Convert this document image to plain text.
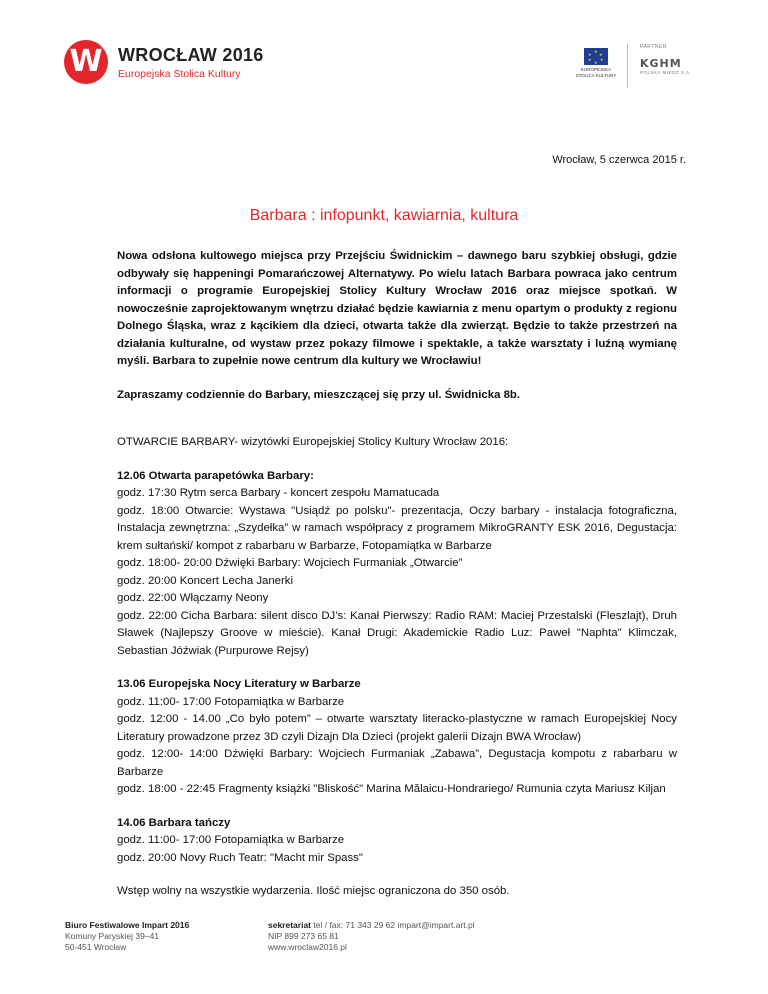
W WROCŁAW 2016
Europejska Stolica Kultury
★
★
★
★
★
★
EUROPEJSKA
STOLICA KULTURY
PARTNER
KGHM
POLSKA MIEDŹ S.A.
Wrocław, 5 czerwca 2015 r.
Barbara : infopunkt, kawiarnia, kultura

Nowa odsłona kultowego miejsca przy Przejściu Świdnickim – dawnego baru szybkiej obsługi, gdzie odbywały się happeningi Pomarańczowej Alternatywy. Po wielu latach Barbara powraca jako centrum informacji o programie Europejskiej Stolicy Kultury Wrocław 2016 oraz miejsce spotkań. W nowocześnie zaprojektowanym wnętrzu działać będzie kawiarnia z menu opartym o produkty z regionu Dolnego Śląska, wraz z kącikiem dla dzieci, otwarta także dla zwierząt. Będzie to także przestrzeń na działania kulturalne, od wystaw przez pokazy filmowe i spektakle, a także warsztaty i luźną wymianę myśli. Barbara to zupełnie nowe centrum dla kultury we Wrocławiu!

Zapraszamy codziennie do Barbary, mieszczącej się przy ul. Świdnicka 8b.

OTWARCIE BARBARY- wizytówki Europejskiej Stolicy Kultury Wrocław 2016:

12.06 Otwarta parapetówka Barbary:

godz. 17:30 Rytm serca Barbary - koncert zespołu Mamatucada

godz. 18:00 Otwarcie: Wystawa "Usiądź po polsku"- prezentacja, Oczy barbary - instalacja fotograficzna, Instalacja zewnętrzna: „Szydełka” w ramach współpracy z programem MikroGRANTY ESK 2016, Degustacja: krem sułtański/ kompot z rabarbaru w Barbarze, Fotopamiątka w Barbarze

godz. 18:00- 20:00 Dźwięki Barbary: Wojciech Furmaniak „Otwarcie”

godz. 20:00 Koncert Lecha Janerki

godz. 22:00 Włączamy Neony

godz. 22:00 Cicha Barbara: silent disco DJ’s: Kanał Pierwszy: Radio RAM: Maciej Przestalski (Fleszlajt), Druh Sławek (Najlepszy Groove w mieście). Kanał Drugi: Akademickie Radio Luz: Paweł "Naphta" Klimczak, Sebastian Jóźwiak (Purpurowe Rejsy)

13.06 Europejska Nocy Literatury w Barbarze

godz. 11:00- 17:00 Fotopamiątka w Barbarze

godz. 12:00 - 14.00 „Co było potem” – otwarte warsztaty literacko-plastyczne w ramach Europejskiej Nocy Literatury prowadzone przez 3D czyli Dizajn Dla Dzieci (projekt galerii Dizajn BWA Wrocław)

godz. 12:00- 14:00 Dźwięki Barbary: Wojciech Furmaniak „Zabawa”, Degustacja kompotu z rabarbaru w Barbarze

godz. 18:00 - 22:45 Fragmenty książki "Bliskość" Marina Mălaicu-Hondrariego/ Rumunia czyta Mariusz Kiljan

14.06 Barbara tańczy

godz. 11:00- 17:00 Fotopamiątka w Barbarze

godz. 20:00 Novy Ruch Teatr: "Macht mir Spass"

Wstęp wolny na wszystkie wydarzenia. Ilość miejsc ograniczona do 350 osób.

Biuro Festiwalowe Impart 2016
Komuny Paryskiej 39–41
50-451 Wrocław
sekretariat tel / fax: 71 343 29 62 impart@impart.art.pl
NIP 899 273 65 81
www.wroclaw2016.pl
